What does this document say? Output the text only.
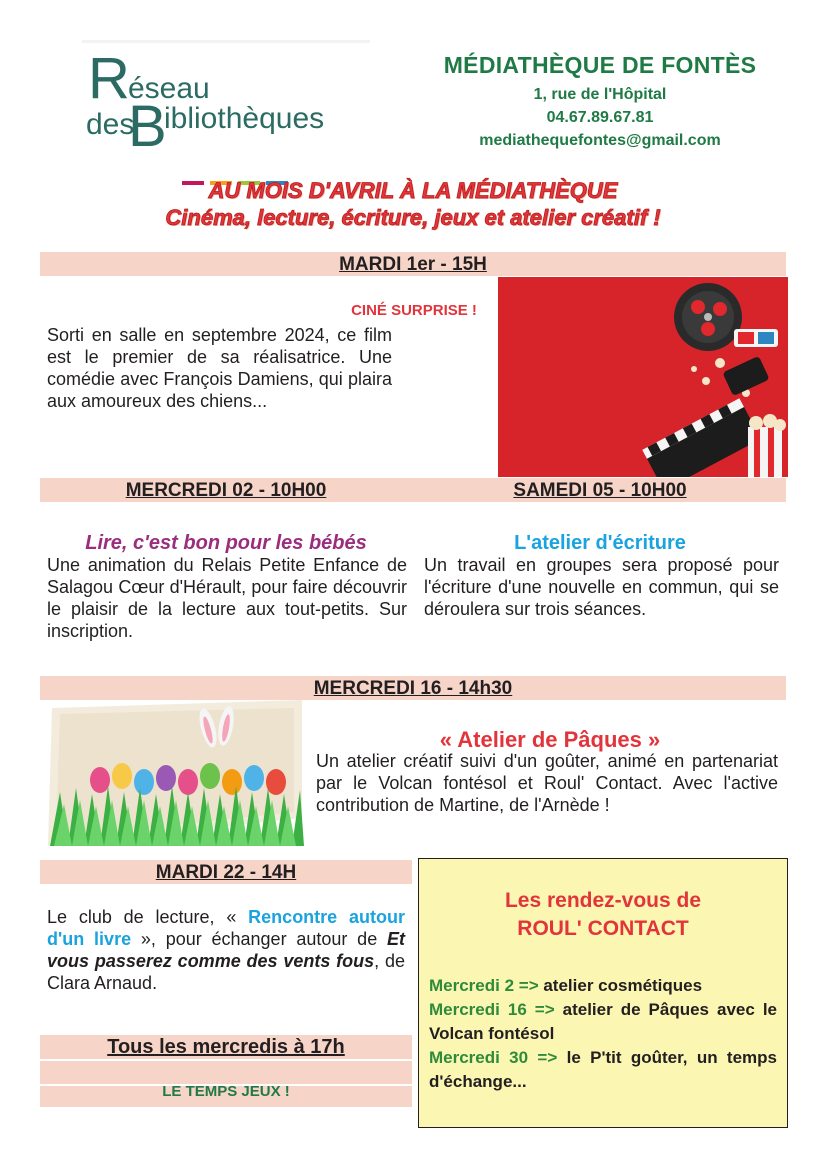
R
éseau
des
B
ibliothèques
MÉDIATHÈQUE DE FONTÈS
1, rue de l'Hôpital
04.67.89.67.81
mediathequefontes@gmail.com
AU MOIS D'AVRIL À LA MÉDIATHÈQUE
Cinéma, lecture, écriture, jeux et atelier créatif !
MARDI 1er - 15H
CINÉ SURPRISE !
Sorti en salle en septembre 2024, ce film est le premier de sa réalisatrice. Une comédie avec François Damiens, qui plaira aux amoureux des chiens...
MERCREDI 02 - 10H00	SAMEDI 05 - 10H00
Lire, c'est bon pour les bébés
Une animation du Relais Petite Enfance de Salagou Cœur d'Hérault, pour faire découvrir le plaisir de la lecture aux tout-petits. Sur inscription.
L'atelier d'écriture
Un travail en groupes sera proposé pour l'écriture d'une nouvelle en commun, qui se déroulera sur trois séances.
MERCREDI 16 - 14h30
« Atelier de Pâques »
Un atelier créatif suivi d'un goûter, animé en partenariat par le Volcan fontésol et Roul' Contact. Avec l'active contribution de Martine, de l'Arnède !
MARDI 22 - 14H
Le club de lecture, « Rencontre autour d'un livre », pour échanger autour de Et vous passerez comme des vents fous, de Clara Arnaud.
Tous les mercredis à 17h
LE TEMPS JEUX !
Les rendez-vous de
ROUL' CONTACT
Mercredi 2 => atelier cosmétiques
Mercredi 16 => atelier de Pâques avec le Volcan fontésol
Mercredi 30 => le P'tit goûter, un temps d'échange...
